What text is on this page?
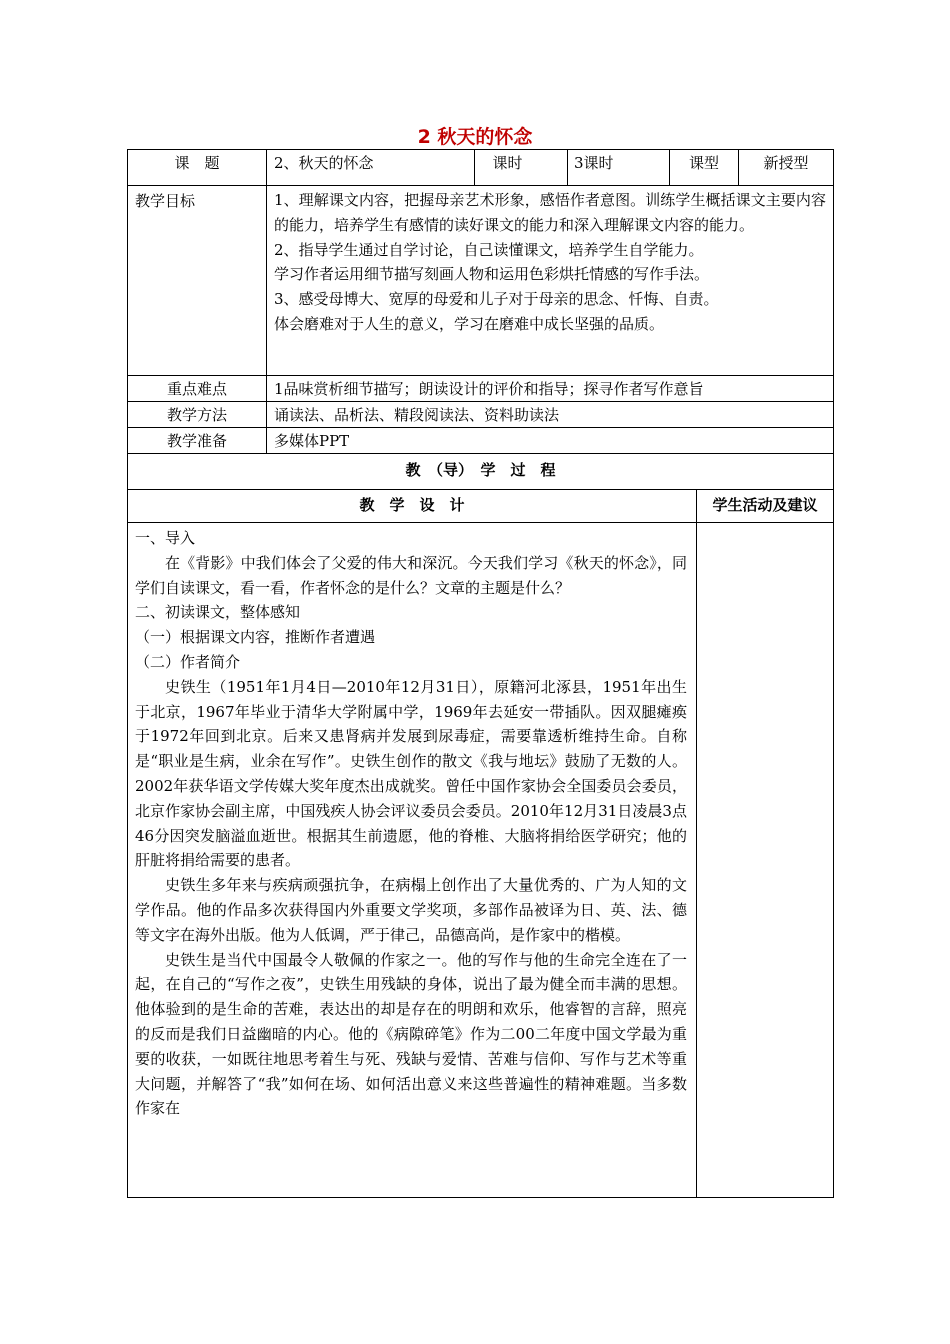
2 秋天的怀念
课　题	2、秋天的怀念	课时	3课时	课型	新授型
教学目标	1、理解课文内容，把握母亲艺术形象，感悟作者意图。训练学生概括课文主要内容的能力，培养学生有感情的读好课文的能力和深入理解课文内容的能力。

2、指导学生通过自学讨论，自己读懂课文，培养学生自学能力。

学习作者运用细节描写刻画人物和运用色彩烘托情感的写作手法。

3、感受母博大、宽厚的母爱和儿子对于母亲的思念、忏悔、自责。

体会磨难对于人生的意义，学习在磨难中成长坚强的品质。

重点难点	1品味赏析细节描写；朗读设计的评价和指导；探寻作者写作意旨
教学方法	诵读法、品析法、精段阅读法、资料助读法
教学准备	多媒体PPT
教　（导）　学　过　程
教　学　设　计	学生活动及建议

一、导入

在《背影》中我们体会了父爱的伟大和深沉。今天我们学习《秋天的怀念》，同学们自读课文，看一看，作者怀念的是什么？文章的主题是什么？

二、初读课文，整体感知

（一）根据课文内容，推断作者遭遇

（二）作者简介

史铁生（1951年1月4日—2010年12月31日），原籍河北涿县，1951年出生于北京，1967年毕业于清华大学附属中学，1969年去延安一带插队。因双腿瘫痪于1972年回到北京。后来又患肾病并发展到尿毒症，需要靠透析维持生命。自称是“职业是生病，业余在写作”。史铁生创作的散文《我与地坛》鼓励了无数的人。2002年获华语文学传媒大奖年度杰出成就奖。曾任中国作家协会全国委员会委员，北京作家协会副主席，中国残疾人协会评议委员会委员。2010年12月31日凌晨3点46分因突发脑溢血逝世。根据其生前遗愿，他的脊椎、大脑将捐给医学研究；他的肝脏将捐给需要的患者。

史铁生多年来与疾病顽强抗争，在病榻上创作出了大量优秀的、广为人知的文学作品。他的作品多次获得国内外重要文学奖项，多部作品被译为日、英、法、德等文字在海外出版。他为人低调，严于律己，品德高尚，是作家中的楷模。

史铁生是当代中国最令人敬佩的作家之一。他的写作与他的生命完全连在了一起，在自己的“写作之夜”，史铁生用残缺的身体，说出了最为健全而丰满的思想。他体验到的是生命的苦难，表达出的却是存在的明朗和欢乐，他睿智的言辞，照亮的反而是我们日益幽暗的内心。他的《病隙碎笔》作为二00二年度中国文学最为重要的收获，一如既往地思考着生与死、残缺与爱情、苦难与信仰、写作与艺术等重大问题，并解答了“我”如何在场、如何活出意义来这些普遍性的精神难题。当多数作家在
